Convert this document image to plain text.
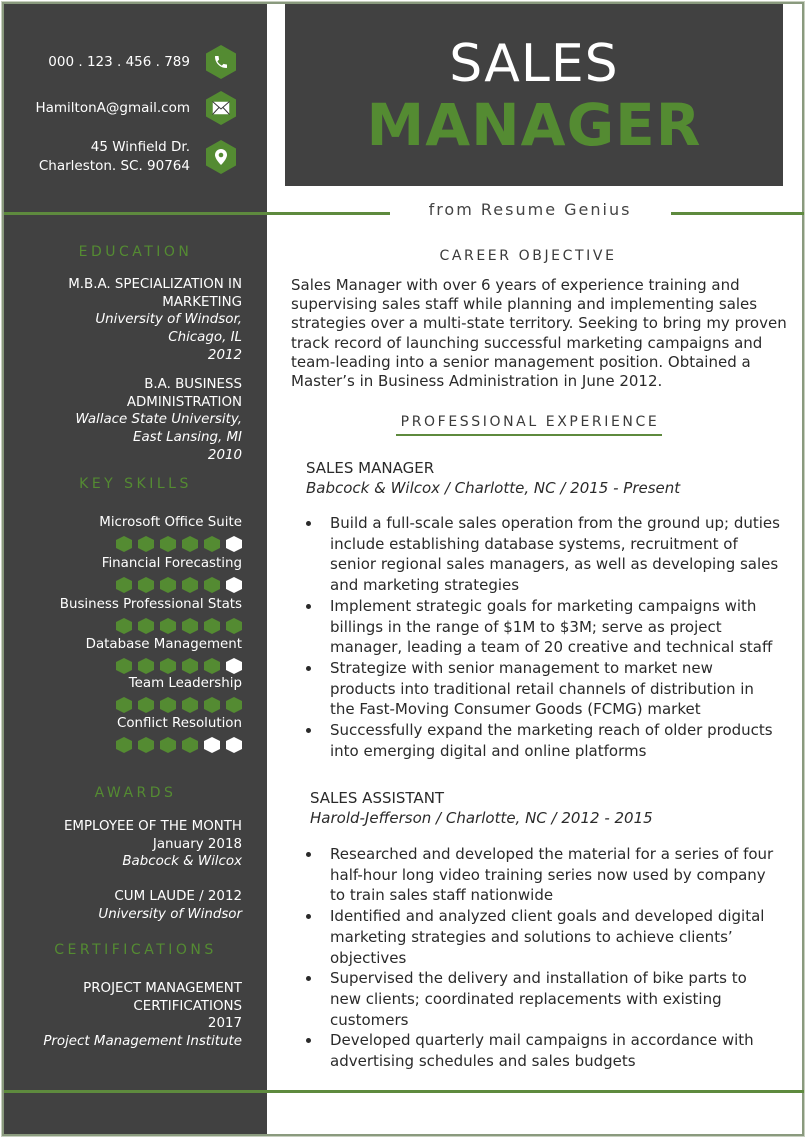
000 . 123 . 456 . 789
HamiltonA@gmail.com
45 Winfield Dr.
Charleston. SC. 90764
SALES
MANAGER
from Resume Genius
EDUCATION
M.B.A. SPECIALIZATION IN
MARKETING
University of Windsor,
Chicago, IL
2012
B.A. BUSINESS
ADMINISTRATION
Wallace State University,
East Lansing, MI
2010
KEY SKILLS
Microsoft Office Suite
Financial Forecasting
Business Professional Stats
Database Management
Team Leadership
Conflict Resolution
AWARDS
EMPLOYEE OF THE MONTH
January 2018
Babcock & Wilcox
CUM LAUDE / 2012
University of Windsor
CERTIFICATIONS
PROJECT MANAGEMENT
CERTIFICATIONS
2017
Project Management Institute
CAREER OBJECTIVE
Sales Manager with over 6 years of experience training and supervising sales staff while planning and implementing sales strategies over a multi-state territory. Seeking to bring my proven track record of launching successful marketing campaigns and team-leading into a senior management position. Obtained a Master’s in Business Administration in June 2012.
PROFESSIONAL EXPERIENCE
SALES MANAGER
Babcock & Wilcox / Charlotte, NC / 2015 - Present
Build a full-scale sales operation from the ground up; duties include establishing database systems, recruitment of senior regional sales managers, as well as developing sales and marketing strategies
Implement strategic goals for marketing campaigns with billings in the range of $1M to $3M; serve as project manager, leading a team of 20 creative and technical staff
Strategize with senior management to market new products into traditional retail channels of distribution in the Fast-Moving Consumer Goods (FCMG) market
Successfully expand the marketing reach of older products into emerging digital and online platforms
SALES ASSISTANT
Harold-Jefferson / Charlotte, NC / 2012 - 2015
Researched and developed the material for a series of four half-hour long video training series now used by company to train sales staff nationwide
Identified and analyzed client goals and developed digital marketing strategies and solutions to achieve clients’ objectives
Supervised the delivery and installation of bike parts to new clients; coordinated replacements with existing customers
Developed quarterly mail campaigns in accordance with advertising schedules and sales budgets
